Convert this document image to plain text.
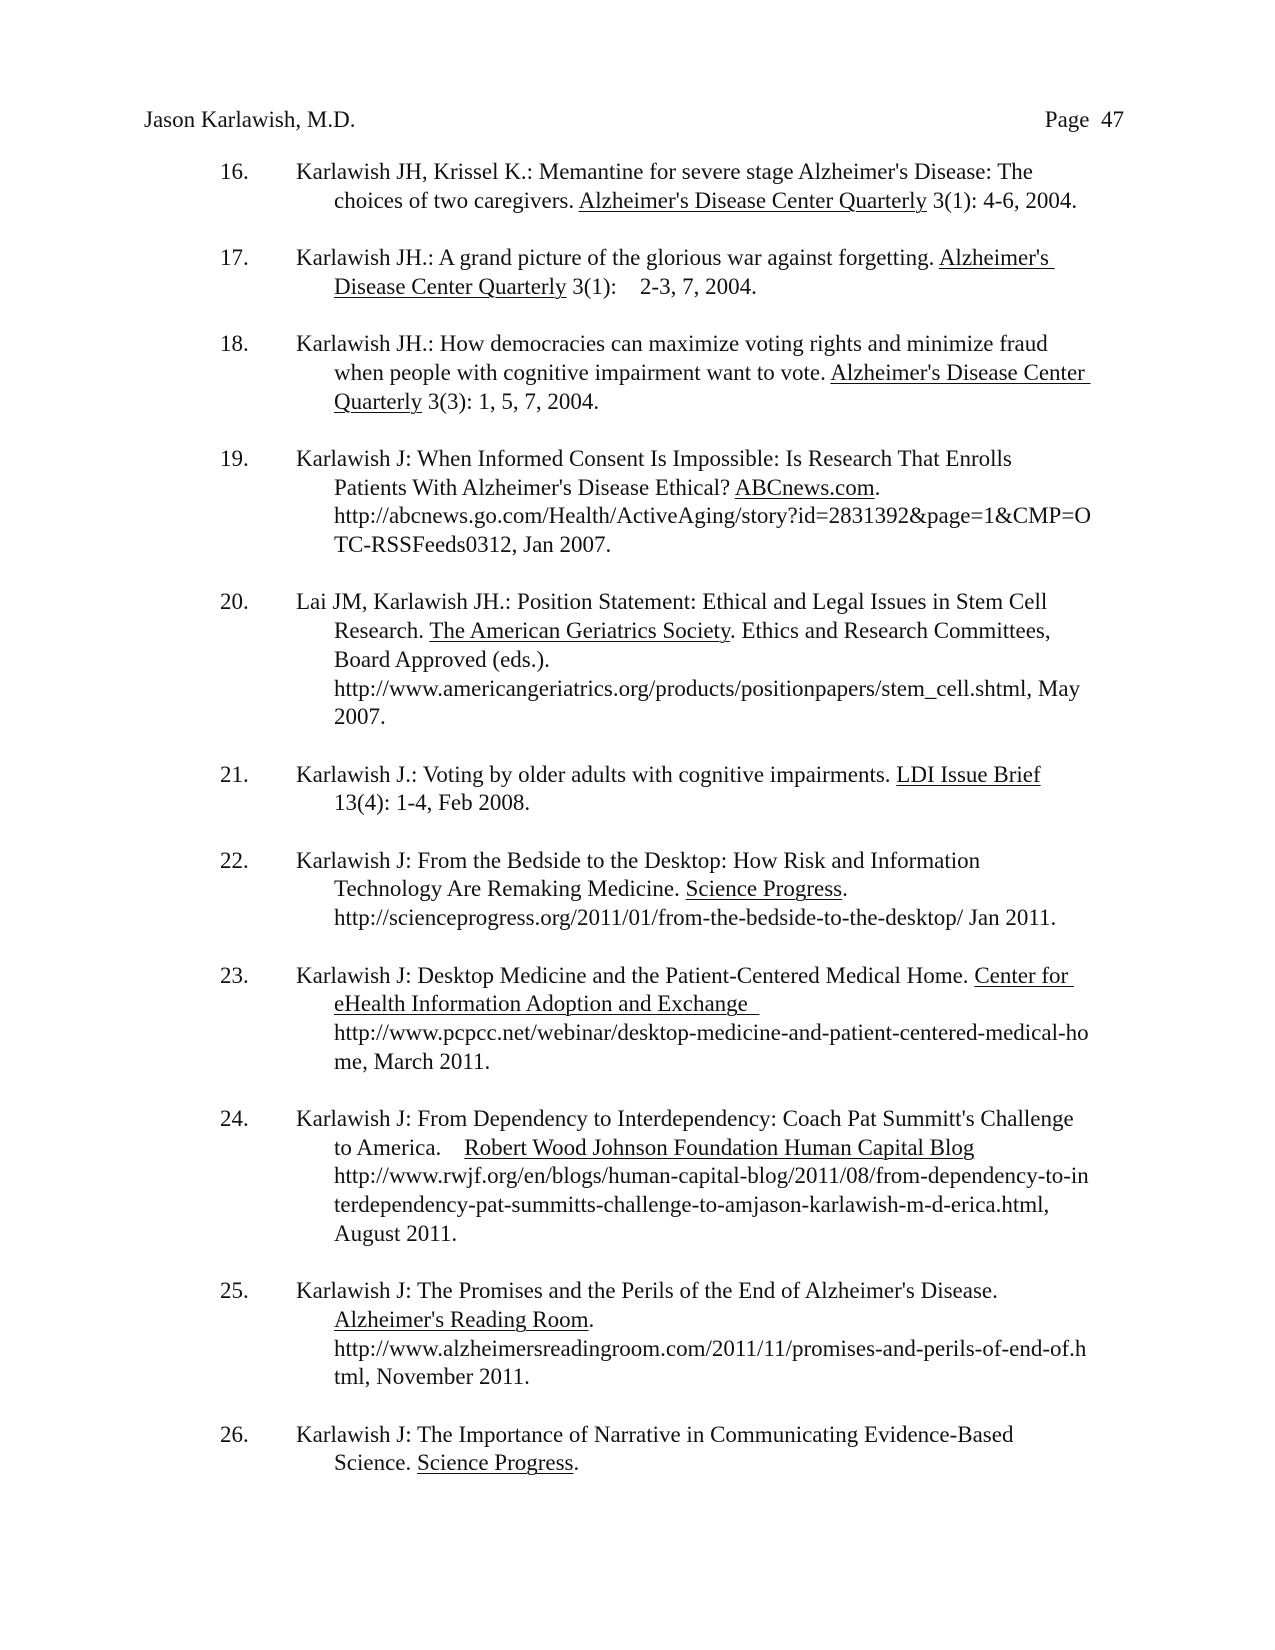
Jason Karlawish, M.D.	Page  47
16. Karlawish JH, Krissel K.: Memantine for severe stage Alzheimer's Disease: The
choices of two caregivers. Alzheimer's Disease Center Quarterly 3(1): 4-6, 2004.
17. Karlawish JH.: A grand picture of the glorious war against forgetting. Alzheimer's
Disease Center Quarterly 3(1):    2-3, 7, 2004.
18. Karlawish JH.: How democracies can maximize voting rights and minimize fraud
when people with cognitive impairment want to vote. Alzheimer's Disease Center
Quarterly 3(3): 1, 5, 7, 2004.
19. Karlawish J: When Informed Consent Is Impossible: Is Research That Enrolls
Patients With Alzheimer's Disease Ethical? ABCnews.com.
http://abcnews.go.com/Health/ActiveAging/story?id=2831392&page=1&CMP=O
TC-RSSFeeds0312, Jan 2007.
20. Lai JM, Karlawish JH.: Position Statement: Ethical and Legal Issues in Stem Cell
Research. The American Geriatrics Society. Ethics and Research Committees,
Board Approved (eds.).
http://www.americangeriatrics.org/products/positionpapers/stem_cell.shtml, May
2007.
21. Karlawish J.: Voting by older adults with cognitive impairments. LDI Issue Brief
13(4): 1-4, Feb 2008.
22. Karlawish J: From the Bedside to the Desktop: How Risk and Information
Technology Are Remaking Medicine. Science Progress.
http://scienceprogress.org/2011/01/from-the-bedside-to-the-desktop/ Jan 2011.
23. Karlawish J: Desktop Medicine and the Patient-Centered Medical Home. Center for
eHealth Information Adoption and Exchange
http://www.pcpcc.net/webinar/desktop-medicine-and-patient-centered-medical-ho
me, March 2011.
24. Karlawish J: From Dependency to Interdependency: Coach Pat Summitt's Challenge
to America.    Robert Wood Johnson Foundation Human Capital Blog
http://www.rwjf.org/en/blogs/human-capital-blog/2011/08/from-dependency-to-in
terdependency-pat-summitts-challenge-to-amjason-karlawish-m-d-erica.html,
August 2011.
25. Karlawish J: The Promises and the Perils of the End of Alzheimer's Disease.
Alzheimer's Reading Room.
http://www.alzheimersreadingroom.com/2011/11/promises-and-perils-of-end-of.h
tml, November 2011.
26. Karlawish J: The Importance of Narrative in Communicating Evidence-Based
Science. Science Progress.
